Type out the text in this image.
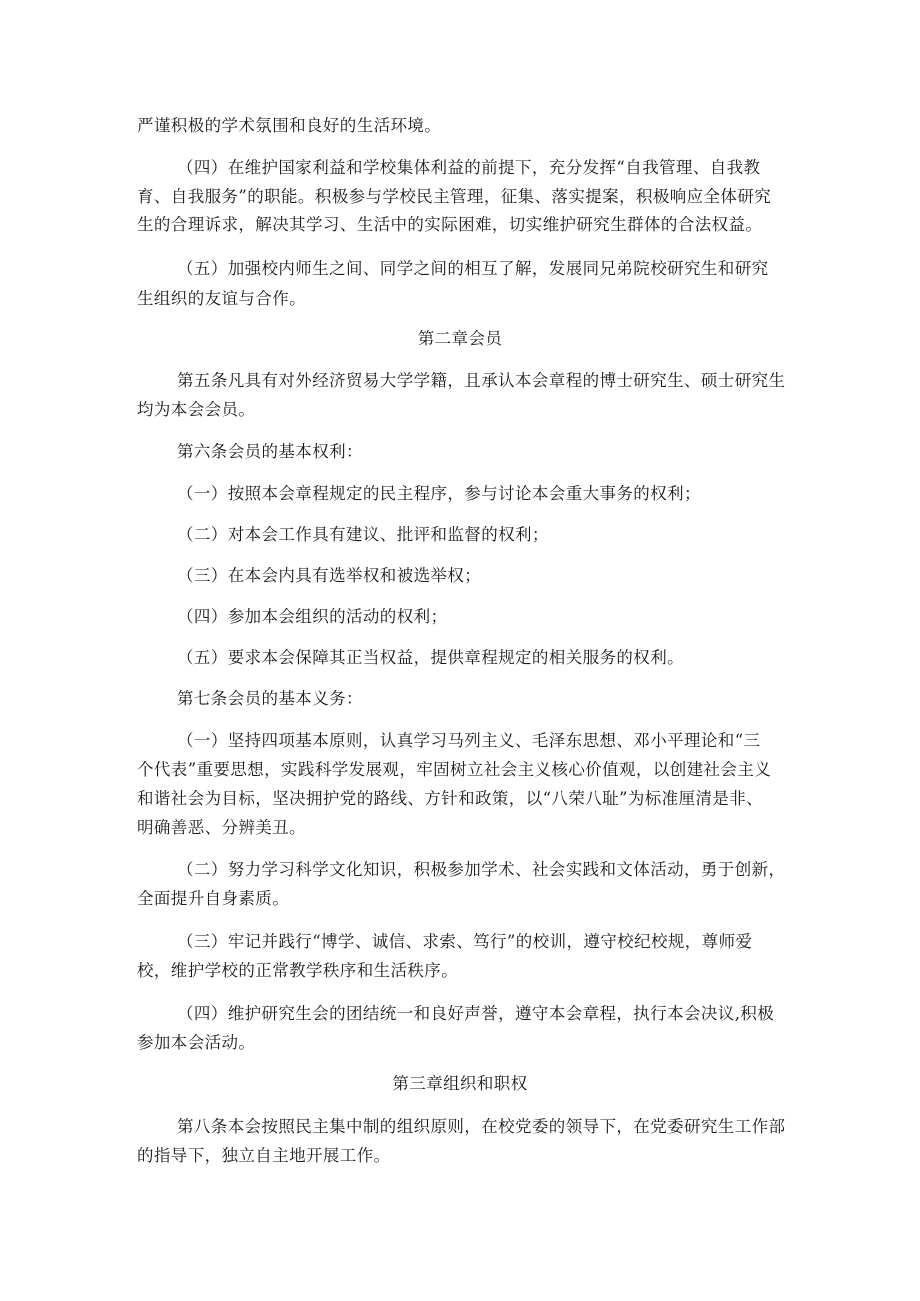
严谨积极的学术氛围和良好的生活环境。
（四）在维护国家利益和学校集体利益的前提下，充分发挥“自我管理、自我教
育、自我服务”的职能。积极参与学校民主管理，征集、落实提案，积极响应全体研究
生的合理诉求，解决其学习、生活中的实际困难，切实维护研究生群体的合法权益。
（五）加强校内师生之间、同学之间的相互了解，发展同兄弟院校研究生和研究
生组织的友谊与合作。
第二章会员
第五条凡具有对外经济贸易大学学籍，且承认本会章程的博士研究生、硕士研究生
均为本会会员。
第六条会员的基本权利：
（一）按照本会章程规定的民主程序，参与讨论本会重大事务的权利；
（二）对本会工作具有建议、批评和监督的权利；
（三）在本会内具有选举权和被选举权；
（四）参加本会组织的活动的权利；
（五）要求本会保障其正当权益，提供章程规定的相关服务的权利。
第七条会员的基本义务：
（一）坚持四项基本原则，认真学习马列主义、毛泽东思想、邓小平理论和“三
个代表”重要思想，实践科学发展观，牢固树立社会主义核心价值观，以创建社会主义
和谐社会为目标，坚决拥护党的路线、方针和政策，以“八荣八耻”为标准厘清是非、
明确善恶、分辨美丑。
（二）努力学习科学文化知识，积极参加学术、社会实践和文体活动，勇于创新，
全面提升自身素质。
（三）牢记并践行“博学、诚信、求索、笃行”的校训，遵守校纪校规，尊师爱
校，维护学校的正常教学秩序和生活秩序。
（四）维护研究生会的团结统一和良好声誉，遵守本会章程，执行本会决议,积极
参加本会活动。
第三章组织和职权
第八条本会按照民主集中制的组织原则，在校党委的领导下，在党委研究生工作部
的指导下，独立自主地开展工作。
